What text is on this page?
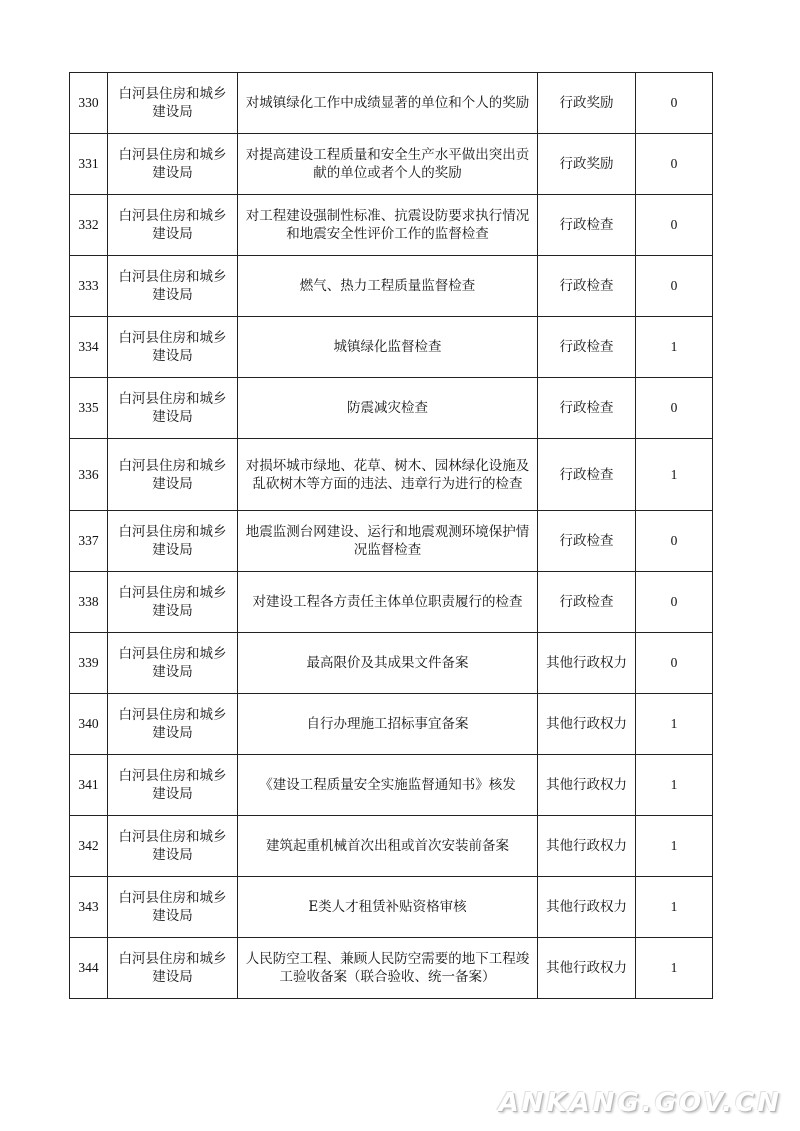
330	白河县住房和城乡建设局	对城镇绿化工作中成绩显著的单位和个人的奖励	行政奖励	0
331	白河县住房和城乡建设局	对提高建设工程质量和安全生产水平做出突出贡献的单位或者个人的奖励	行政奖励	0
332	白河县住房和城乡建设局	对工程建设强制性标准、抗震设防要求执行情况和地震安全性评价工作的监督检查	行政检查	0
333	白河县住房和城乡建设局	燃气、热力工程质量监督检查	行政检查	0
334	白河县住房和城乡建设局	城镇绿化监督检查	行政检查	1
335	白河县住房和城乡建设局	防震减灾检查	行政检查	0
336	白河县住房和城乡建设局	对损坏城市绿地、花草、树木、园林绿化设施及乱砍树木等方面的违法、违章行为进行的检查	行政检查	1
337	白河县住房和城乡建设局	地震监测台网建设、运行和地震观测环境保护情况监督检查	行政检查	0
338	白河县住房和城乡建设局	对建设工程各方责任主体单位职责履行的检查	行政检查	0
339	白河县住房和城乡建设局	最高限价及其成果文件备案	其他行政权力	0
340	白河县住房和城乡建设局	自行办理施工招标事宜备案	其他行政权力	1
341	白河县住房和城乡建设局	《建设工程质量安全实施监督通知书》核发	其他行政权力	1
342	白河县住房和城乡建设局	建筑起重机械首次出租或首次安装前备案	其他行政权力	1
343	白河县住房和城乡建设局	E类人才租赁补贴资格审核	其他行政权力	1
344	白河县住房和城乡建设局	人民防空工程、兼顾人民防空需要的地下工程竣工验收备案（联合验收、统一备案）	其他行政权力	1
ANKANG.GOV.CN
